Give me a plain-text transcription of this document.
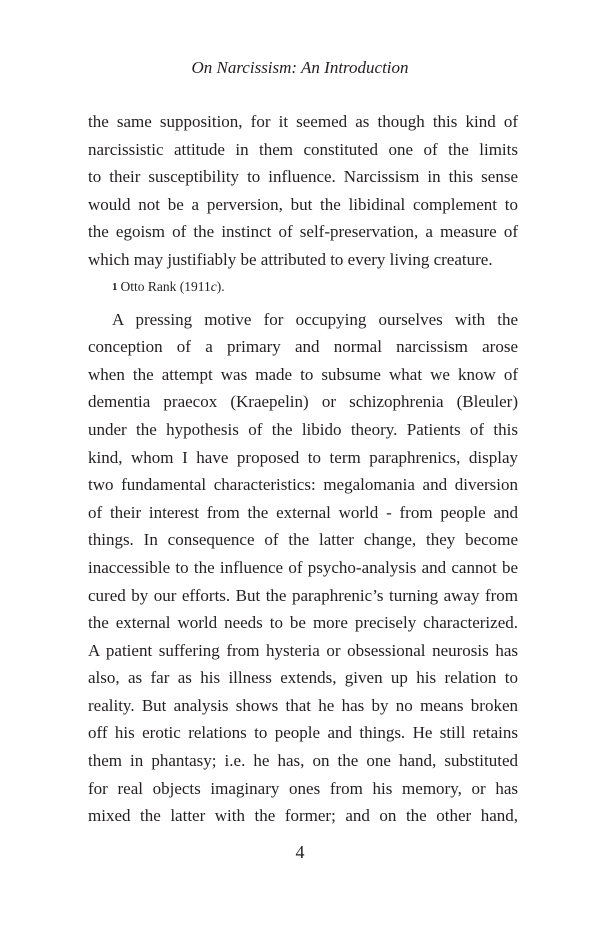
On Narcissism: An Introduction
the same supposition, for it seemed as though this kind of
narcissistic attitude in them constituted one of the limits
to their susceptibility to influence. Narcissism in this sense
would not be a perversion, but the libidinal complement to
the egoism of the instinct of self-preservation, a measure of
which may justifiably be attributed to every living creature.
1 Otto Rank (1911c).
A pressing motive for occupying ourselves with the
conception of a primary and normal narcissism arose
when the attempt was made to subsume what we know of
dementia praecox (Kraepelin) or schizophrenia (Bleuler)
under the hypothesis of the libido theory. Patients of this
kind, whom I have proposed to term paraphrenics, display
two fundamental characteristics: megalomania and diversion
of their interest from the external world - from people and
things. In consequence of the latter change, they become
inaccessible to the influence of psycho-analysis and cannot be
cured by our efforts. But the paraphrenic’s turning away from
the external world needs to be more precisely characterized.
A patient suffering from hysteria or obsessional neurosis has
also, as far as his illness extends, given up his relation to
reality. But analysis shows that he has by no means broken
off his erotic relations to people and things. He still retains
them in phantasy; i.e. he has, on the one hand, substituted
for real objects imaginary ones from his memory, or has
mixed the latter with the former; and on the other hand,
4
